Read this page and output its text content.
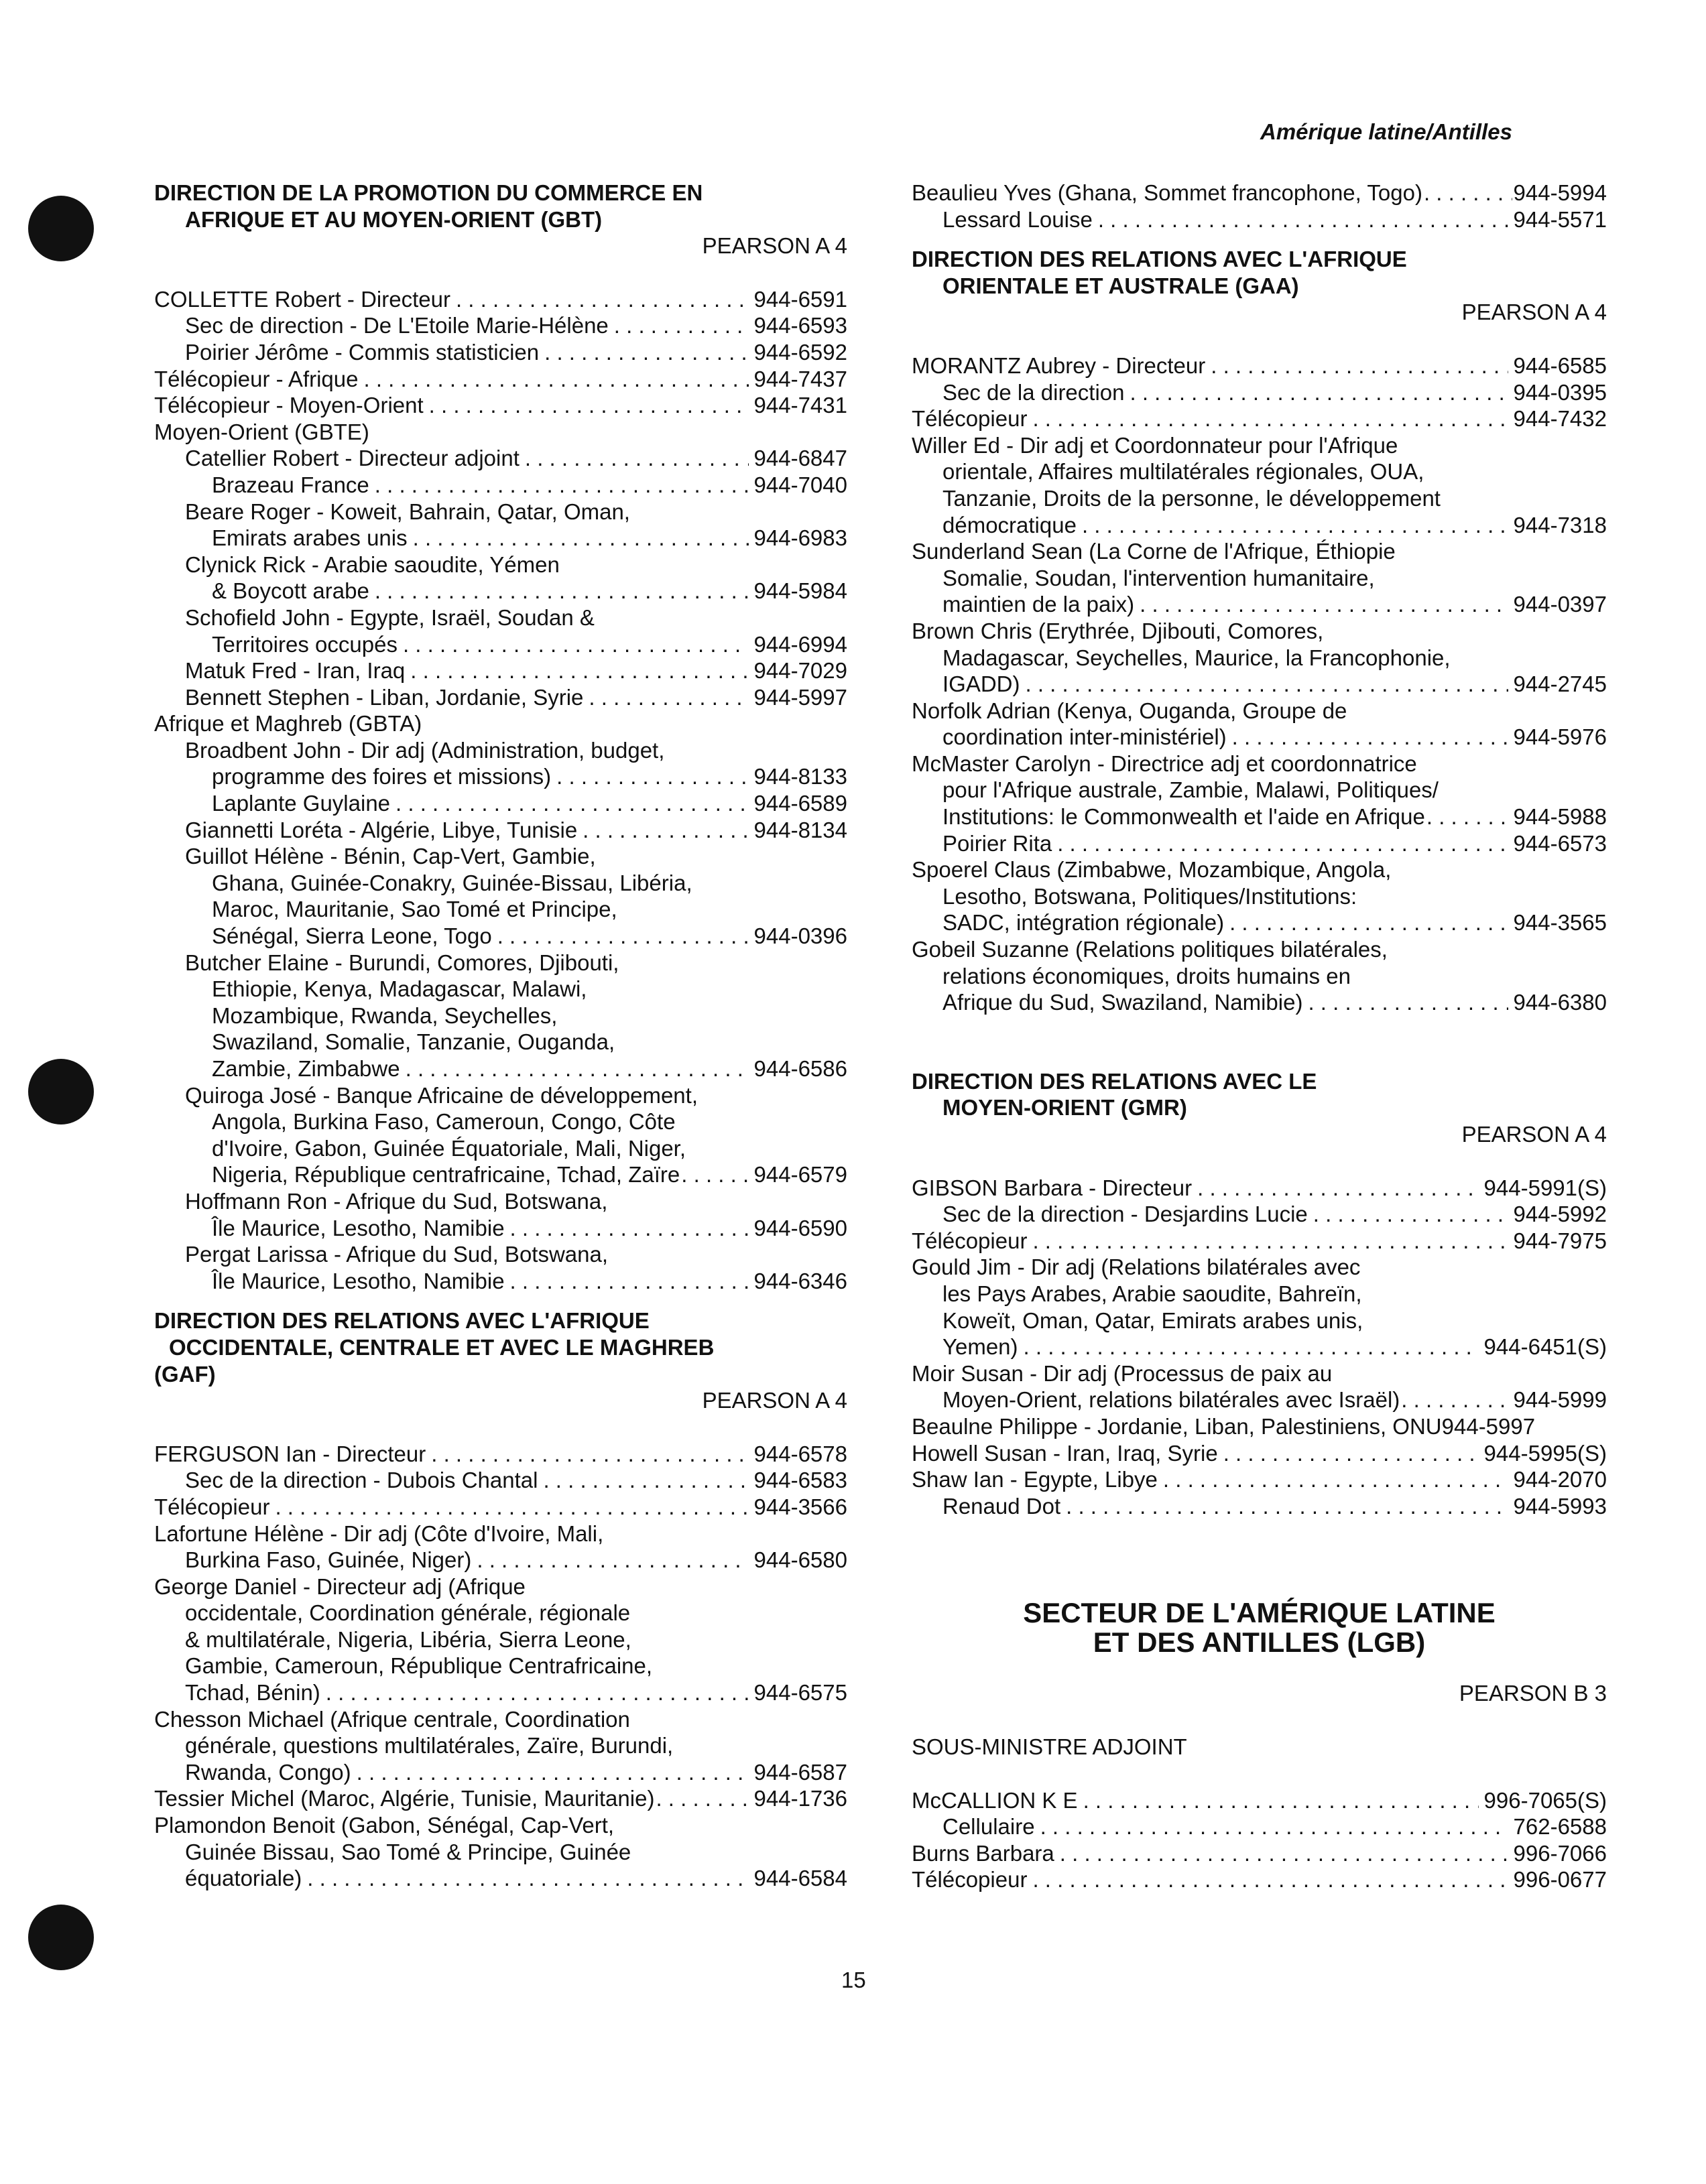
Amérique latine/Antilles
DIRECTION DE LA PROMOTION DU COMMERCE EN
AFRIQUE ET AU MOYEN-ORIENT (GBT)
PEARSON A 4
COLLETTE Robert - Directeur . . .	944-6591
Sec de direction - De L'Etoile Marie-Hélène . . .	944-6593
Poirier Jérôme - Commis statisticien . . .	944-6592
Télécopieur - Afrique . . .	944-7437
Télécopieur - Moyen-Orient . . .	944-7431
Moyen-Orient (GBTE)
Catellier Robert - Directeur adjoint . . .	944-6847
Brazeau France . . .	944-7040
Beare Roger - Koweit, Bahrain, Qatar, Oman,
Emirats arabes unis . . .	944-6983
Clynick Rick - Arabie saoudite, Yémen
& Boycott arabe . . .	944-5984
Schofield John - Egypte, Israël, Soudan &
Territoires occupés . . .	944-6994
Matuk Fred - Iran, Iraq . . .	944-7029
Bennett Stephen - Liban, Jordanie, Syrie . . .	944-5997
Afrique et Maghreb (GBTA)
Broadbent John - Dir adj (Administration, budget,
programme des foires et missions) . . .	944-8133
Laplante Guylaine . . .	944-6589
Giannetti Loréta - Algérie, Libye, Tunisie . . .	944-8134
Guillot Hélène - Bénin, Cap-Vert, Gambie,
Ghana, Guinée-Conakry, Guinée-Bissau, Libéria,
Maroc, Mauritanie, Sao Tomé et Principe,
Sénégal, Sierra Leone, Togo . . .	944-0396
Butcher Elaine - Burundi, Comores, Djibouti,
Ethiopie, Kenya, Madagascar, Malawi,
Mozambique, Rwanda, Seychelles,
Swaziland, Somalie, Tanzanie, Ouganda,
Zambie, Zimbabwe . . .	944-6586
Quiroga José - Banque Africaine de développement,
Angola, Burkina Faso, Cameroun, Congo, Côte
d'Ivoire, Gabon, Guinée Équatoriale, Mali, Niger,
Nigeria, République centrafricaine, Tchad, Zaïre . . .	944-6579
Hoffmann Ron - Afrique du Sud, Botswana,
Île Maurice, Lesotho, Namibie . . .	944-6590
Pergat Larissa - Afrique du Sud, Botswana,
Île Maurice, Lesotho, Namibie . . .	944-6346
DIRECTION DES RELATIONS AVEC L'AFRIQUE
OCCIDENTALE, CENTRALE ET AVEC LE MAGHREB
(GAF)
PEARSON A 4
FERGUSON Ian - Directeur . . .	944-6578
Sec de la direction - Dubois Chantal . . .	944-6583
Télécopieur . . .	944-3566
Lafortune Hélène - Dir adj (Côte d'Ivoire, Mali,
Burkina Faso, Guinée, Niger) . . .	944-6580
George Daniel - Directeur adj (Afrique
occidentale, Coordination générale, régionale
& multilatérale, Nigeria, Libéria, Sierra Leone,
Gambie, Cameroun, République Centrafricaine,
Tchad, Bénin) . . .	944-6575
Chesson Michael (Afrique centrale, Coordination
générale, questions multilatérales, Zaïre, Burundi,
Rwanda, Congo) . . .	944-6587
Tessier Michel (Maroc, Algérie, Tunisie, Mauritanie) . . .	944-1736
Plamondon Benoit (Gabon, Sénégal, Cap-Vert,
Guinée Bissau, Sao Tomé & Principe, Guinée
équatoriale) . . .	944-6584
Beaulieu Yves (Ghana, Sommet francophone, Togo) . . .	944-5994
Lessard Louise . . .	944-5571
DIRECTION DES RELATIONS AVEC L'AFRIQUE
ORIENTALE ET AUSTRALE (GAA)
PEARSON A 4
MORANTZ Aubrey - Directeur . . .	944-6585
Sec de la direction . . .	944-0395
Télécopieur . . .	944-7432
Willer Ed - Dir adj et Coordonnateur pour l'Afrique
orientale, Affaires multilatérales régionales, OUA,
Tanzanie, Droits de la personne, le développement
démocratique . . .	944-7318
Sunderland Sean (La Corne de l'Afrique, Éthiopie
Somalie, Soudan, l'intervention humanitaire,
maintien de la paix) . . .	944-0397
Brown Chris (Erythrée, Djibouti, Comores,
Madagascar, Seychelles, Maurice, la Francophonie,
IGADD) . . .	944-2745
Norfolk Adrian (Kenya, Ouganda, Groupe de
coordination inter-ministériel) . . .	944-5976
McMaster Carolyn - Directrice adj et coordonnatrice
pour l'Afrique australe, Zambie, Malawi, Politiques/
Institutions: le Commonwealth et l'aide en Afrique . . .	944-5988
Poirier Rita . . .	944-6573
Spoerel Claus (Zimbabwe, Mozambique, Angola,
Lesotho, Botswana, Politiques/Institutions:
SADC, intégration régionale) . . .	944-3565
Gobeil Suzanne (Relations politiques bilatérales,
relations économiques, droits humains en
Afrique du Sud, Swaziland, Namibie) . . .	944-6380
DIRECTION DES RELATIONS AVEC LE
MOYEN-ORIENT (GMR)
PEARSON A 4
GIBSON Barbara - Directeur . . .	944-5991(S)
Sec de la direction - Desjardins Lucie . . .	944-5992
Télécopieur . . .	944-7975
Gould Jim - Dir adj (Relations bilatérales avec
les Pays Arabes, Arabie saoudite, Bahreïn,
Koweït, Oman, Qatar, Emirats arabes unis,
Yemen) . . .	944-6451(S)
Moir Susan - Dir adj (Processus de paix au
Moyen-Orient, relations bilatérales avec Israël) . . .	944-5999
Beaulne Philippe - Jordanie, Liban, Palestiniens, ONU944-5997
Howell Susan - Iran, Iraq, Syrie . . .	944-5995(S)
Shaw Ian - Egypte, Libye . . .	944-2070
Renaud Dot . . .	944-5993
SECTEUR DE L'AMÉRIQUE LATINE
ET DES ANTILLES (LGB)
PEARSON B 3
SOUS-MINISTRE ADJOINT
McCALLION K E . . .	996-7065(S)
Cellulaire . . .	762-6588
Burns Barbara . . .	996-7066
Télécopieur . . .	996-0677
15
